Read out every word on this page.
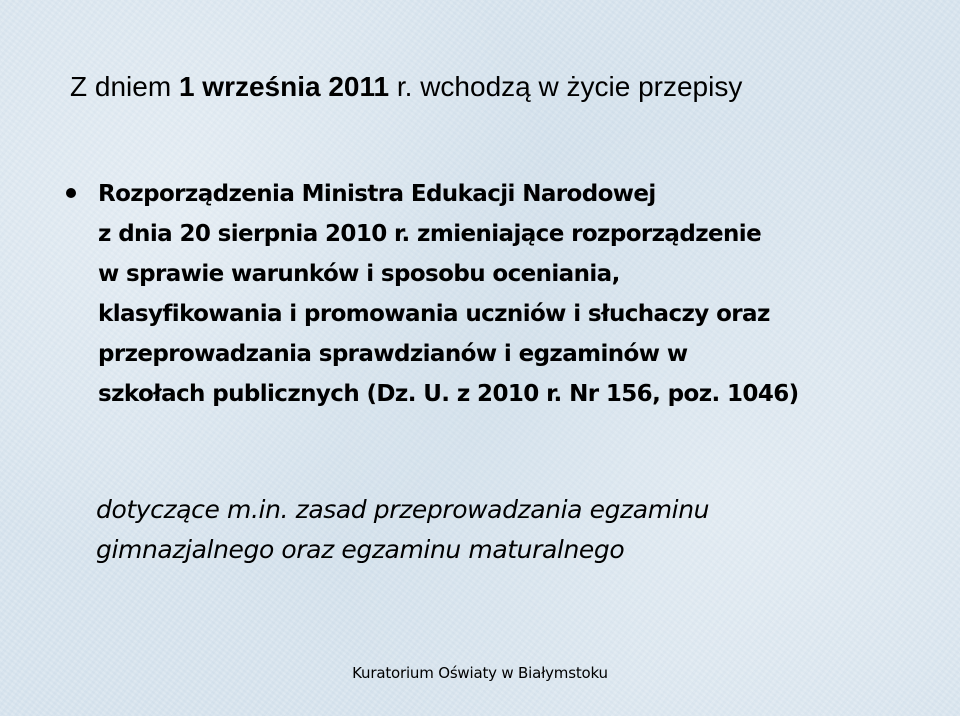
Z dniem 1 września 2011 r. wchodzą w życie przepisy
Rozporządzenia Ministra Edukacji Narodowej
z dnia 20 sierpnia 2010 r. zmieniające rozporządzenie
w sprawie warunków i sposobu oceniania,
klasyfikowania i promowania uczniów i słuchaczy oraz
przeprowadzania sprawdzianów i egzaminów w
szkołach publicznych (Dz. U. z 2010 r. Nr 156, poz. 1046)
dotyczące m.in. zasad przeprowadzania egzaminu
gimnazjalnego oraz egzaminu maturalnego
Kuratorium Oświaty w Białymstoku
